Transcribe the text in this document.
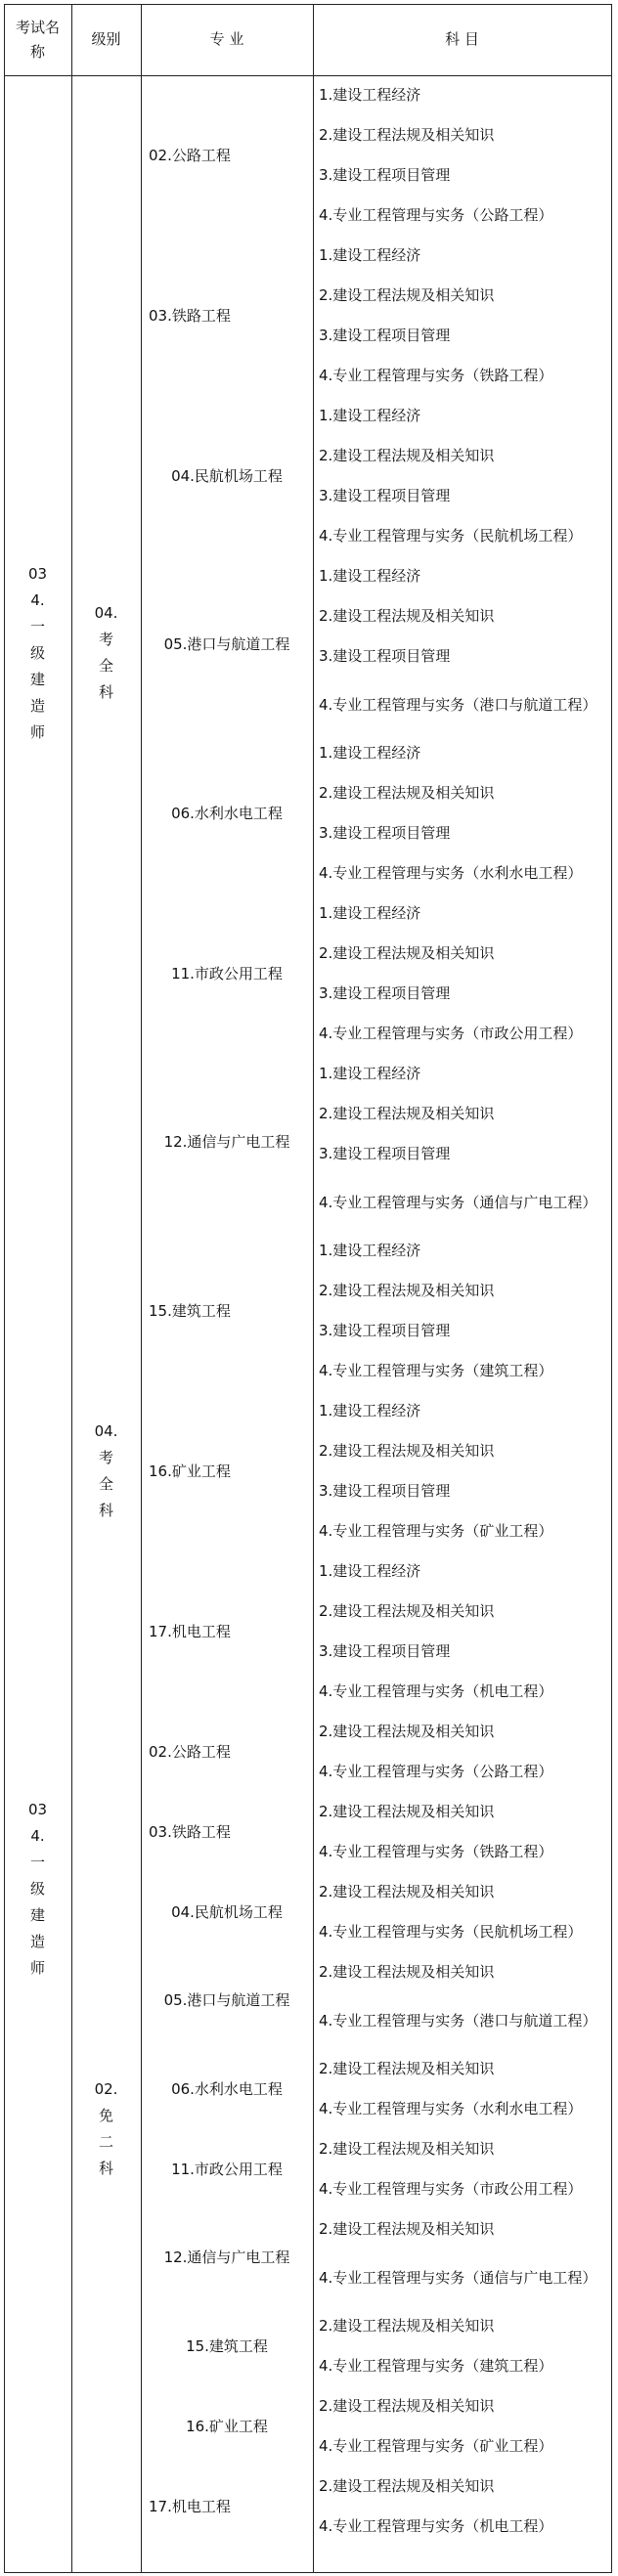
考试名称
级别	专 业	科 目
1.建设工程经济
2.建设工程法规及相关知识
3.建设工程项目管理
4.专业工程管理与实务（公路工程）
02.公路工程
1.建设工程经济
2.建设工程法规及相关知识
3.建设工程项目管理
4.专业工程管理与实务（铁路工程）
03.铁路工程
1.建设工程经济
2.建设工程法规及相关知识
3.建设工程项目管理
4.专业工程管理与实务（民航机场工程）
04.民航机场工程
1.建设工程经济
2.建设工程法规及相关知识
3.建设工程项目管理
4.专业工程管理与实务（港口与航道工程）
05.港口与航道工程
1.建设工程经济
2.建设工程法规及相关知识
3.建设工程项目管理
4.专业工程管理与实务（水利水电工程）
06.水利水电工程
1.建设工程经济
2.建设工程法规及相关知识
3.建设工程项目管理
4.专业工程管理与实务（市政公用工程）
11.市政公用工程
1.建设工程经济
2.建设工程法规及相关知识
3.建设工程项目管理
4.专业工程管理与实务（通信与广电工程）
12.通信与广电工程
04.考全科
034.一级建造师
1.建设工程经济
2.建设工程法规及相关知识
3.建设工程项目管理
4.专业工程管理与实务（建筑工程）
15.建筑工程
1.建设工程经济
2.建设工程法规及相关知识
3.建设工程项目管理
4.专业工程管理与实务（矿业工程）
16.矿业工程
1.建设工程经济
2.建设工程法规及相关知识
3.建设工程项目管理
4.专业工程管理与实务（机电工程）
17.机电工程
04.考全科
2.建设工程法规及相关知识
4.专业工程管理与实务（公路工程）
02.公路工程
2.建设工程法规及相关知识
4.专业工程管理与实务（铁路工程）
03.铁路工程
2.建设工程法规及相关知识
4.专业工程管理与实务（民航机场工程）
04.民航机场工程
2.建设工程法规及相关知识
4.专业工程管理与实务（港口与航道工程）
05.港口与航道工程
2.建设工程法规及相关知识
4.专业工程管理与实务（水利水电工程）
06.水利水电工程
2.建设工程法规及相关知识
4.专业工程管理与实务（市政公用工程）
11.市政公用工程
2.建设工程法规及相关知识
4.专业工程管理与实务（通信与广电工程）
12.通信与广电工程
2.建设工程法规及相关知识
4.专业工程管理与实务（建筑工程）
15.建筑工程
2.建设工程法规及相关知识
4.专业工程管理与实务（矿业工程）
16.矿业工程
2.建设工程法规及相关知识
4.专业工程管理与实务（机电工程）
17.机电工程
02.免二科
034.一级建造师
